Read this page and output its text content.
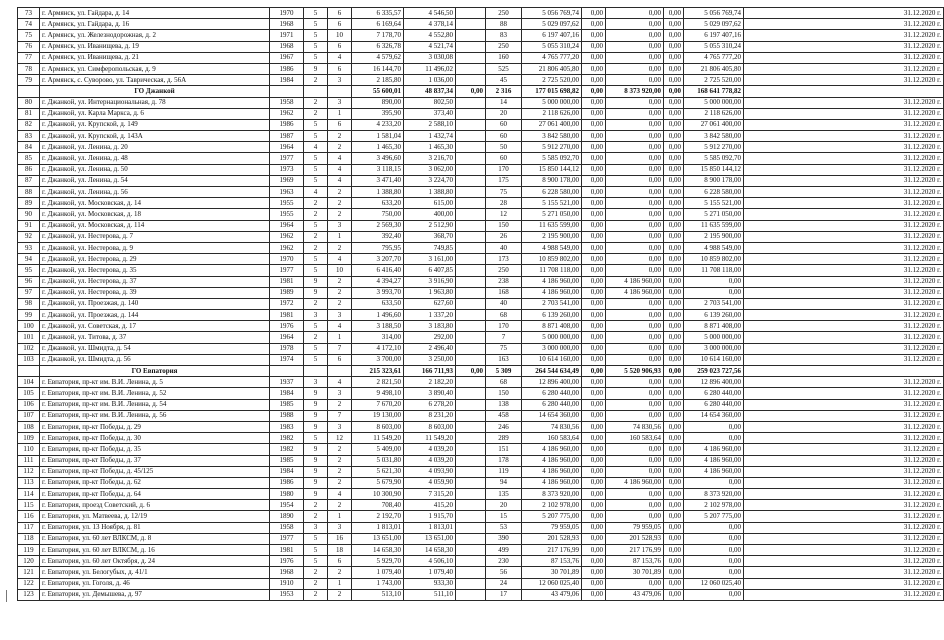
73	г. Армянск, ул. Гайдара, д. 14	1970	5	6	6 335,57	4 546,50		250	5 056 769,74	0,00	0,00	0,00	5 056 769,74	31.12.2020 г.
74	г. Армянск, ул. Гайдара, д. 16	1968	5	6	6 169,64	4 378,14		88	5 029 097,62	0,00	0,00	0,00	5 029 097,62	31.12.2020 г.
75	г. Армянск, ул. Железнодорожная, д. 2	1971	5	10	7 178,70	4 552,80		83	6 197 407,16	0,00	0,00	0,00	6 197 407,16	31.12.2020 г.
76	г. Армянск, ул. Иванищева, д. 19	1968	5	6	6 326,78	4 521,74		250	5 055 310,24	0,00	0,00	0,00	5 055 310,24	31.12.2020 г.
77	г. Армянск, ул. Иванищева, д. 21	1967	5	4	4 579,62	3 030,08		160	4 765 777,20	0,00	0,00	0,00	4 765 777,20	31.12.2020 г.
78	г. Армянск, ул. Симферопольская, д. 9	1986	9	6	16 144,70	11 496,02		525	21 806 405,80	0,00	0,00	0,00	21 806 405,80	31.12.2020 г.
79	г. Армянск, с. Суворово, ул. Таврическая, д. 56А	1984	2	3	2 185,80	1 036,00		45	2 725 520,00	0,00	0,00	0,00	2 725 520,00	31.12.2020 г.
	ГО Джанкой				55 600,01	48 837,34	0,00	2 316	177 015 698,82	0,00	8 373 920,00	0,00	168 641 778,82	
80	г. Джанкой, ул. Интернациональная, д. 78	1958	2	3	890,00	802,50		14	5 000 000,00	0,00	0,00	0,00	5 000 000,00	31.12.2020 г.
81	г. Джанкой, ул. Карла Маркса, д. 6	1962	2	1	395,90	373,40		20	2 118 626,00	0,00	0,00	0,00	2 118 626,00	31.12.2020 г.
82	г. Джанкой, ул. Крупской, д. 149	1986	5	6	4 233,20	2 588,10		60	27 061 400,00	0,00	0,00	0,00	27 061 400,00	31.12.2020 г.
83	г. Джанкой, ул. Крупской, д. 143А	1987	5	2	1 581,04	1 432,74		60	3 842 580,00	0,00	0,00	0,00	3 842 580,00	31.12.2020 г.
84	г. Джанкой, ул. Ленина, д. 20	1964	4	2	1 465,30	1 465,30		50	5 912 270,00	0,00	0,00	0,00	5 912 270,00	31.12.2020 г.
85	г. Джанкой, ул. Ленина, д. 48	1977	5	4	3 496,60	3 216,70		60	5 585 092,70	0,00	0,00	0,00	5 585 092,70	31.12.2020 г.
86	г. Джанкой, ул. Ленина, д. 50	1973	5	4	3 118,15	3 062,00		170	15 850 144,12	0,00	0,00	0,00	15 850 144,12	31.12.2020 г.
87	г. Джанкой, ул. Ленина, д. 54	1969	5	4	3 471,40	3 224,70		175	8 900 178,00	0,00	0,00	0,00	8 900 178,00	31.12.2020 г.
88	г. Джанкой, ул. Ленина, д. 56	1963	4	2	1 388,80	1 388,80		75	6 228 580,00	0,00	0,00	0,00	6 228 580,00	31.12.2020 г.
89	г. Джанкой, ул. Московская, д. 14	1955	2	2	633,20	615,00		28	5 155 521,00	0,00	0,00	0,00	5 155 521,00	31.12.2020 г.
90	г. Джанкой, ул. Московская, д. 18	1955	2	2	750,00	400,00		12	5 271 050,00	0,00	0,00	0,00	5 271 050,00	31.12.2020 г.
91	г. Джанкой, ул. Московская, д. 114	1964	5	3	2 569,30	2 512,90		150	11 635 599,00	0,00	0,00	0,00	11 635 599,00	31.12.2020 г.
92	г. Джанкой, ул. Нестерова, д. 7	1962	2	1	392,40	368,70		26	2 195 900,00	0,00	0,00	0,00	2 195 900,00	31.12.2020 г.
93	г. Джанкой, ул. Нестерова, д. 9	1962	2	2	795,95	749,85		40	4 988 549,00	0,00	0,00	0,00	4 988 549,00	31.12.2020 г.
94	г. Джанкой, ул. Нестерова, д. 29	1970	5	4	3 207,70	3 161,00		173	10 859 802,00	0,00	0,00	0,00	10 859 802,00	31.12.2020 г.
95	г. Джанкой, ул. Нестерова, д. 35	1977	5	10	6 416,40	6 407,85		250	11 708 118,00	0,00	0,00	0,00	11 708 118,00	31.12.2020 г.
96	г. Джанкой, ул. Нестерова, д. 37	1981	9	2	4 394,27	3 916,90		238	4 186 960,00	0,00	4 186 960,00	0,00	0,00	31.12.2020 г.
97	г. Джанкой, ул. Нестерова, д. 39	1989	9	2	3 993,70	1 963,80		168	4 186 960,00	0,00	4 186 960,00	0,00	0,00	31.12.2020 г.
98	г. Джанкой, ул. Проезжая, д. 140	1972	2	2	633,50	627,60		40	2 703 541,00	0,00	0,00	0,00	2 703 541,00	31.12.2020 г.
99	г. Джанкой, ул. Проезжая, д. 144	1981	3	3	1 496,60	1 337,20		68	6 139 260,00	0,00	0,00	0,00	6 139 260,00	31.12.2020 г.
100	г. Джанкой, ул. Советская, д. 17	1976	5	4	3 188,50	3 183,80		170	8 871 408,00	0,00	0,00	0,00	8 871 408,00	31.12.2020 г.
101	г. Джанкой, ул. Титова, д. 37	1964	2	1	314,00	292,00		7	5 000 000,00	0,00	0,00	0,00	5 000 000,00	31.12.2020 г.
102	г. Джанкой, ул. Шмидта, д. 54	1978	5	7	4 172,10	2 496,40		75	3 000 000,00	0,00	0,00	0,00	3 000 000,00	31.12.2020 г.
103	г. Джанкой, ул. Шмидта, д. 56	1974	5	6	3 700,00	3 250,00		163	10 614 160,00	0,00	0,00	0,00	10 614 160,00	31.12.2020 г.
	ГО Евпатория				215 323,61	166 711,93	0,00	5 309	264 544 634,49	0,00	5 520 906,93	0,00	259 023 727,56	
104	г. Евпатория, пр-кт им. В.И. Ленина, д. 5	1937	3	4	2 821,50	2 182,20		68	12 896 400,00	0,00	0,00	0,00	12 896 400,00	31.12.2020 г.
105	г. Евпатория, пр-кт им. В.И. Ленина, д. 52	1984	9	3	9 498,10	3 890,40		150	6 280 440,00	0,00	0,00	0,00	6 280 440,00	31.12.2020 г.
106	г. Евпатория, пр-кт им. В.И. Ленина, д. 54	1985	9	2	7 670,20	6 278,20		138	6 280 440,00	0,00	0,00	0,00	6 280 440,00	31.12.2020 г.
107	г. Евпатория, пр-кт им. В.И. Ленина, д. 56	1988	9	7	19 130,00	8 231,20		458	14 654 360,00	0,00	0,00	0,00	14 654 360,00	31.12.2020 г.
108	г. Евпатория, пр-кт Победы, д. 29	1983	9	3	8 603,00	8 603,00		246	74 830,56	0,00	74 830,56	0,00	0,00	31.12.2020 г.
109	г. Евпатория, пр-кт Победы, д. 30	1982	5	12	11 549,20	11 549,20		289	160 583,64	0,00	160 583,64	0,00	0,00	31.12.2020 г.
110	г. Евпатория, пр-кт Победы, д. 35	1982	9	2	5 409,00	4 039,20		151	4 186 960,00	0,00	0,00	0,00	4 186 960,00	31.12.2020 г.
111	г. Евпатория, пр-кт Победы, д. 37	1985	9	2	5 031,80	4 039,20		178	4 186 960,00	0,00	0,00	0,00	4 186 960,00	31.12.2020 г.
112	г. Евпатория, пр-кт Победы, д. 45/125	1984	9	2	5 621,30	4 093,90		119	4 186 960,00	0,00	0,00	0,00	4 186 960,00	31.12.2020 г.
113	г. Евпатория, пр-кт Победы, д. 62	1986	9	2	5 679,90	4 059,90		94	4 186 960,00	0,00	4 186 960,00	0,00	0,00	31.12.2020 г.
114	г. Евпатория, пр-кт Победы, д. 64	1980	9	4	10 300,90	7 315,20		135	8 373 920,00	0,00	0,00	0,00	8 373 920,00	31.12.2020 г.
115	г. Евпатория, проезд Советский, д. 6	1954	2	2	708,40	415,20		20	2 102 978,00	0,00	0,00	0,00	2 102 978,00	31.12.2020 г.
116	г. Евпатория, ул. Матвеева, д. 12/19	1890	2	1	2 192,70	1 915,70		15	5 207 775,00	0,00	0,00	0,00	5 207 775,00	31.12.2020 г.
117	г. Евпатория, ул. 13 Ноября, д. 81	1958	3	3	1 813,01	1 813,01		53	79 959,05	0,00	79 959,05	0,00	0,00	31.12.2020 г.
118	г. Евпатория, ул. 60 лет ВЛКСМ, д. 8	1977	5	16	13 651,00	13 651,00		390	201 528,93	0,00	201 528,93	0,00	0,00	31.12.2020 г.
119	г. Евпатория, ул. 60 лет ВЛКСМ, д. 16	1981	5	18	14 658,30	14 658,30		499	217 176,99	0,00	217 176,99	0,00	0,00	31.12.2020 г.
120	г. Евпатория, ул. 60 лет Октября, д. 24	1976	5	6	5 929,70	4 506,10		230	87 153,76	0,00	87 153,76	0,00	0,00	31.12.2020 г.
121	г. Евпатория, ул. Белогубых, д. 41/1	1968	2	2	1 079,40	1 079,40		56	30 701,89	0,00	30 701,89	0,00	0,00	31.12.2020 г.
122	г. Евпатория, ул. Гоголя, д. 46	1910	2	1	1 743,00	933,30		24	12 060 025,40	0,00	0,00	0,00	12 060 025,40	31.12.2020 г.
123	г. Евпатория, ул. Демышева, д. 97	1953	2	2	513,10	511,10		17	43 479,06	0,00	43 479,06	0,00	0,00	31.12.2020 г.
